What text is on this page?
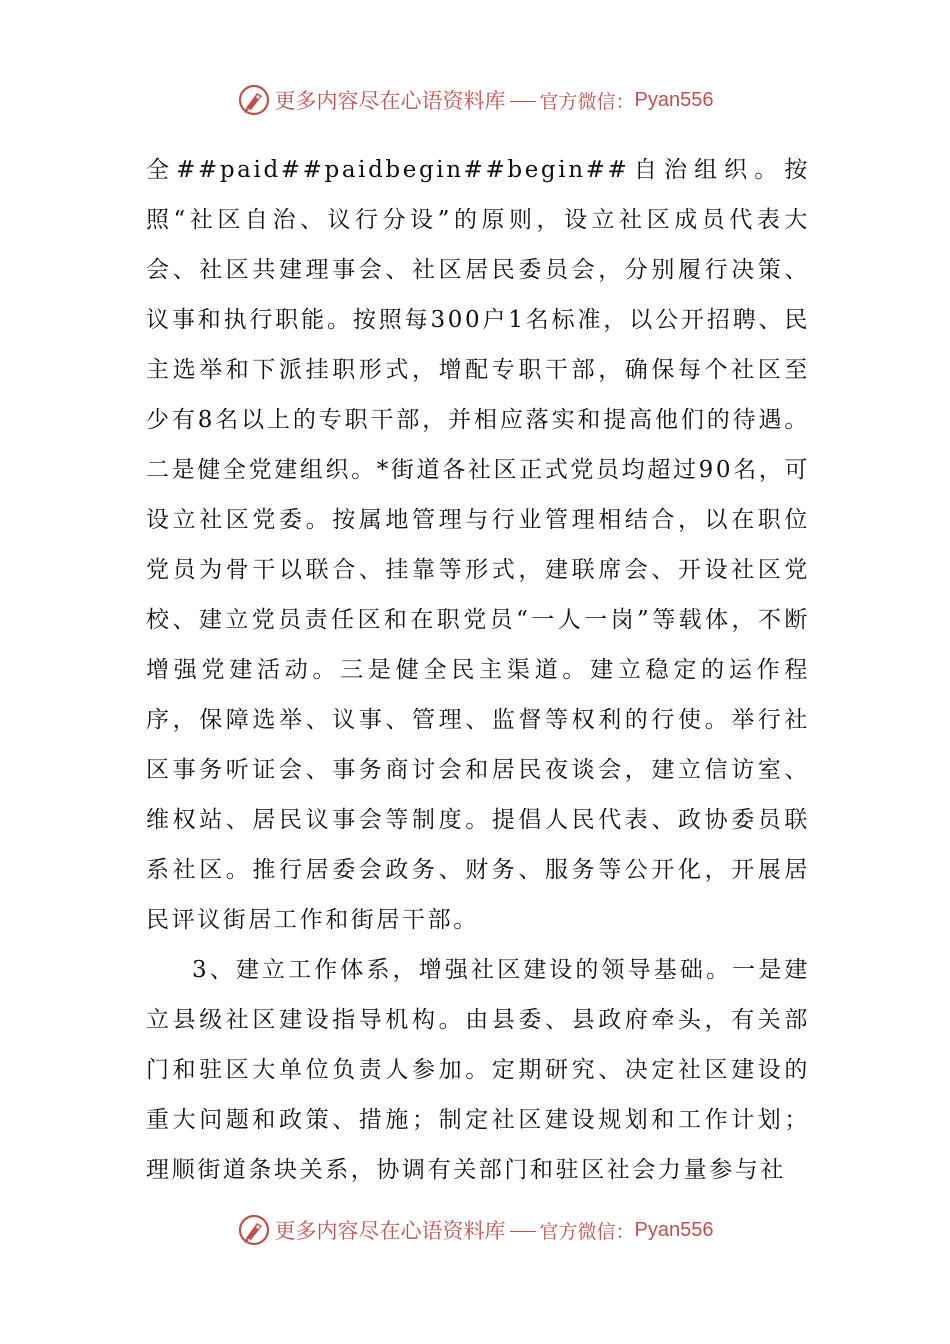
更多内容尽在心语资料库 官方微信： Pyan556

全##paid##paidbegin##begin##自治组织。按照“社区自治、议行分设”的原则，设立社区成员代表大会、社区共建理事会、社区居民委员会，分别履行决策、议事和执行职能。按照每300户1名标准，以公开招聘、民主选举和下派挂职形式，增配专职干部，确保每个社区至少有8名以上的专职干部，并相应落实和提高他们的待遇。二是健全党建组织。*街道各社区正式党员均超过90名，可设立社区党委。按属地管理与行业管理相结合，以在职位党员为骨干以联合、挂靠等形式，建联席会、开设社区党校、建立党员责任区和在职党员“一人一岗”等载体，不断增强党建活动。三是健全民主渠道。建立稳定的运作程序，保障选举、议事、管理、监督等权利的行使。举行社区事务听证会、事务商讨会和居民夜谈会，建立信访室、维权站、居民议事会等制度。提倡人民代表、政协委员联系社区。推行居委会政务、财务、服务等公开化，开展居民评议街居工作和街居干部。

3、建立工作体系，增强社区建设的领导基础。一是建立县级社区建设指导机构。由县委、县政府牵头，有关部门和驻区大单位负责人参加。定期研究、决定社区建设的重大问题和政策、措施；制定社区建设规划和工作计划；理顺街道条块关系，协调有关部门和驻区社会力量参与社

更多内容尽在心语资料库 官方微信： Pyan556
